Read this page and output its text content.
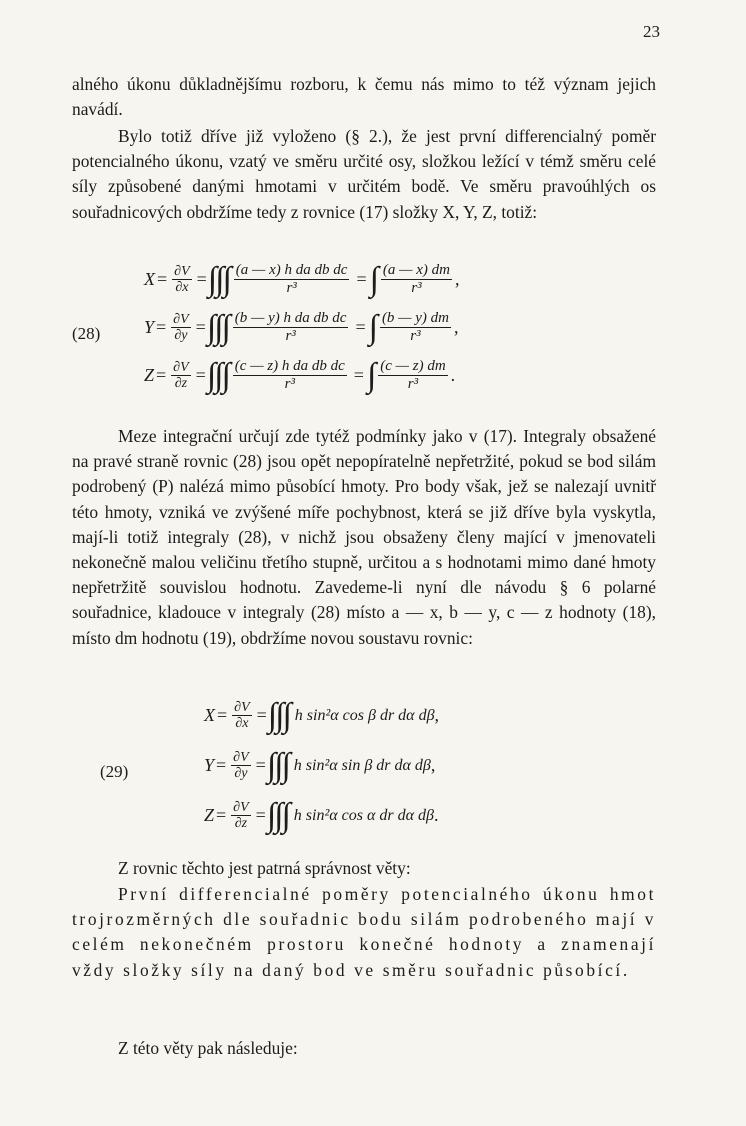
23

alného úkonu důkladnějšímu rozboru, k čemu nás mimo to též význam jejich navádí.

Bylo totiž dříve již vyloženo (§ 2.), že jest první differencialný poměr potencialného úkonu, vzatý ve směru určité osy, složkou ležící v témž směru celé síly způsobené danými hmotami v určitém bodě. Ve směru pravoúhlých os souřadnicových obdržíme tedy z rovnice (17) složky X, Y, Z, totiž:

(28)
$X = \frac{\partial V}{\partial x}$ = ∫
∫
∫ $\frac{\text{(a — x) h da db dc}}{\text{r³}}$ = ∫ $\frac{(a — x) dm}{\text{r³}}$ ,
$Y = \frac{\partial V}{\partial y}$ = ∫
∫
∫ $\frac{\text{(b — y) h da db dc}}{\text{r³}}$ = ∫ $\frac{(b — y) dm}{\text{r³}}$ ,
$Z = \frac{\partial V}{\partial z}$ = ∫
∫
∫ $\frac{\text{(c — z) h da db dc}}{\text{r³}}$ = ∫ $\frac{(c — z) dm}{\text{r³}}$ .

Meze integrační určují zde tytéž podmínky jako v (17). Integraly obsažené na pravé straně rovnic (28) jsou opět nepopíratelně nepřetržité, pokud se bod silám podrobený (P) nalézá mimo působící hmoty. Pro body však, jež se nalezají uvnitř této hmoty, vzniká ve zvýšené míře pochybnost, která se již dříve byla vyskytla, mají-li totiž integraly (28), v nichž jsou obsaženy členy mající v jmenovateli nekonečně malou veličinu třetího stupně, určitou a s hodnotami mimo dané hmoty nepřetržitě souvislou hodnotu. Zavedeme-li nyní dle návodu § 6 polarné souřadnice, kladouce v integraly (28) místo a — x, b — y, c — z hodnoty (18), místo dm hodnotu (19), obdržíme novou soustavu rovnic:

(29)
$X = \frac{\partial V}{\partial x}$ = ∫
∫
∫ h sin²α cos β dr dα dβ ,
$Y = \frac{\partial V}{\partial y}$ = ∫
∫
∫ h sin²α sin β dr dα dβ ,
$Z = \frac{\partial V}{\partial z}$ = ∫
∫
∫ h sin²α cos α dr dα dβ .

Z rovnic těchto jest patrná správnost věty:

První differencialné poměry potencialného úkonu hmot trojrozměrných dle souřadnic bodu silám podrobeného mají v celém nekonečném prostoru konečné hodnoty a znamenají vždy složky síly na daný bod ve směru souřadnic působící.

Z této věty pak následuje:
